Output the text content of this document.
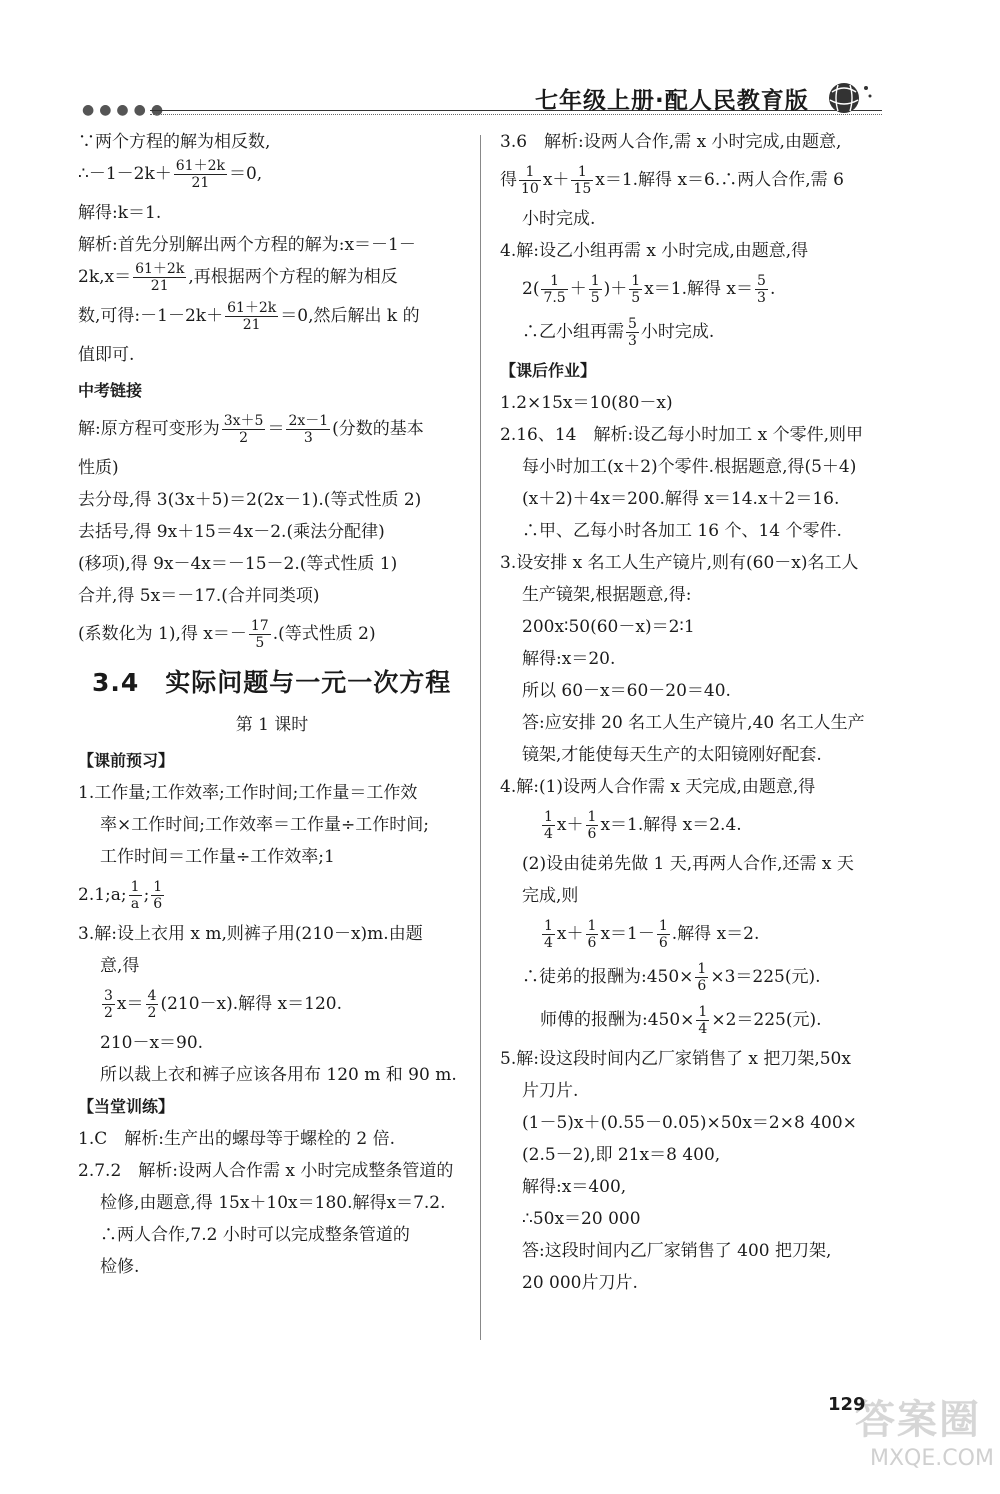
●●●●●	七年级上册·配人民教育版
∵两个方程的解为相反数,
∴－1－2k＋ $\frac{61+2k}{21} =0$,
解得:k＝1.
解析:首先分别解出两个方程的解为:x＝－1－
$2k,x= \frac{61+2k}{21}$ ,再根据两个方程的解为相反
数,可得:－1－2k＋ $\frac{61+2k}{21} =0$,然后解出 k 的
值即可.
中考链接
解:原方程可变形为 $\frac{3x+5}{2} = \frac{2x-1}{3}$ (分数的基本
性质)
去分母,得 3(3x＋5)＝2(2x－1).(等式性质 2)
去括号,得 9x＋15＝4x－2.(乘法分配律)
(移项),得 9x－4x＝－15－2.(等式性质 1)
合并,得 5x＝－17.(合并同类项)
(系数化为 1),得 $x=- \frac{17}{5}$ .(等式性质 2)
3.4　实际问题与一元一次方程
第 1 课时
【课前预习】
1.工作量;工作效率;工作时间;工作量＝工作效
率×工作时间;工作效率＝工作量÷工作时间;
工作时间＝工作量÷工作效率;1
2.1;a; $\frac{1}{a}$ ; $\frac{1}{6}$
3.解:设上衣用 x m,则裤子用(210－x)m.由题
意,得
$\frac{3}{2} x= \frac{4}{2} (210-x)$.解得 x＝120.
210－x＝90.
所以裁上衣和裤子应该各用布 120 m 和 90 m.
【当堂训练】
1.C　解析:生产出的螺母等于螺栓的 2 倍.
2.7.2　解析:设两人合作需 x 小时完成整条管道的
检修,由题意,得 15x＋10x＝180.解得x＝7.2.
∴两人合作,7.2 小时可以完成整条管道的
检修.
3.6　解析:设两人合作,需 x 小时完成,由题意,
得 $\frac{1}{10} x+ \frac{1}{15} x=1$.解得 x＝6.∴两人合作,需 6
小时完成.
4.解:设乙小组再需 x 小时完成,由题意,得
$2( \frac{1}{7.5} + \frac{1}{5}$ )＋ $\frac{1}{5} x=1$.解得 $x= \frac{5}{3}$ .
∴乙小组再需 $\frac{5}{3}$ 小时完成.
【课后作业】
1.2×15x＝10(80－x)
2.16、14　解析:设乙每小时加工 x 个零件,则甲
每小时加工(x＋2)个零件.根据题意,得(5＋4)
(x＋2)＋4x＝200.解得 x＝14.x＋2＝16.
∴甲、乙每小时各加工 16 个、14 个零件.
3.设安排 x 名工人生产镜片,则有(60－x)名工人
生产镜架,根据题意,得:
200x∶50(60－x)＝2∶1
解得:x＝20.
所以 60－x＝60－20＝40.
答:应安排 20 名工人生产镜片,40 名工人生产
镜架,才能使每天生产的太阳镜刚好配套.
4.解:(1)设两人合作需 x 天完成,由题意,得
$\frac{1}{4} x+ \frac{1}{6} x=1$.解得 x＝2.4.
(2)设由徒弟先做 1 天,再两人合作,还需 x 天
完成,则
$\frac{1}{4} x+ \frac{1}{6} x=1- \frac{1}{6}$ .解得 x＝2.
∴徒弟的报酬为:450× $\frac{1}{6} \times 3=225$(元).
师傅的报酬为:450× $\frac{1}{4} \times 2=225$(元).
5.解:设这段时间内乙厂家销售了 x 把刀架,50x
片刀片.
(1－5)x＋(0.55－0.05)×50x＝2×8 400×
(2.5－2),即 21x＝8 400,
解得:x＝400,
∴50x＝20 000
答:这段时间内乙厂家销售了 400 把刀架,
20 000片刀片.
答案圈
MXQE.COM
129
